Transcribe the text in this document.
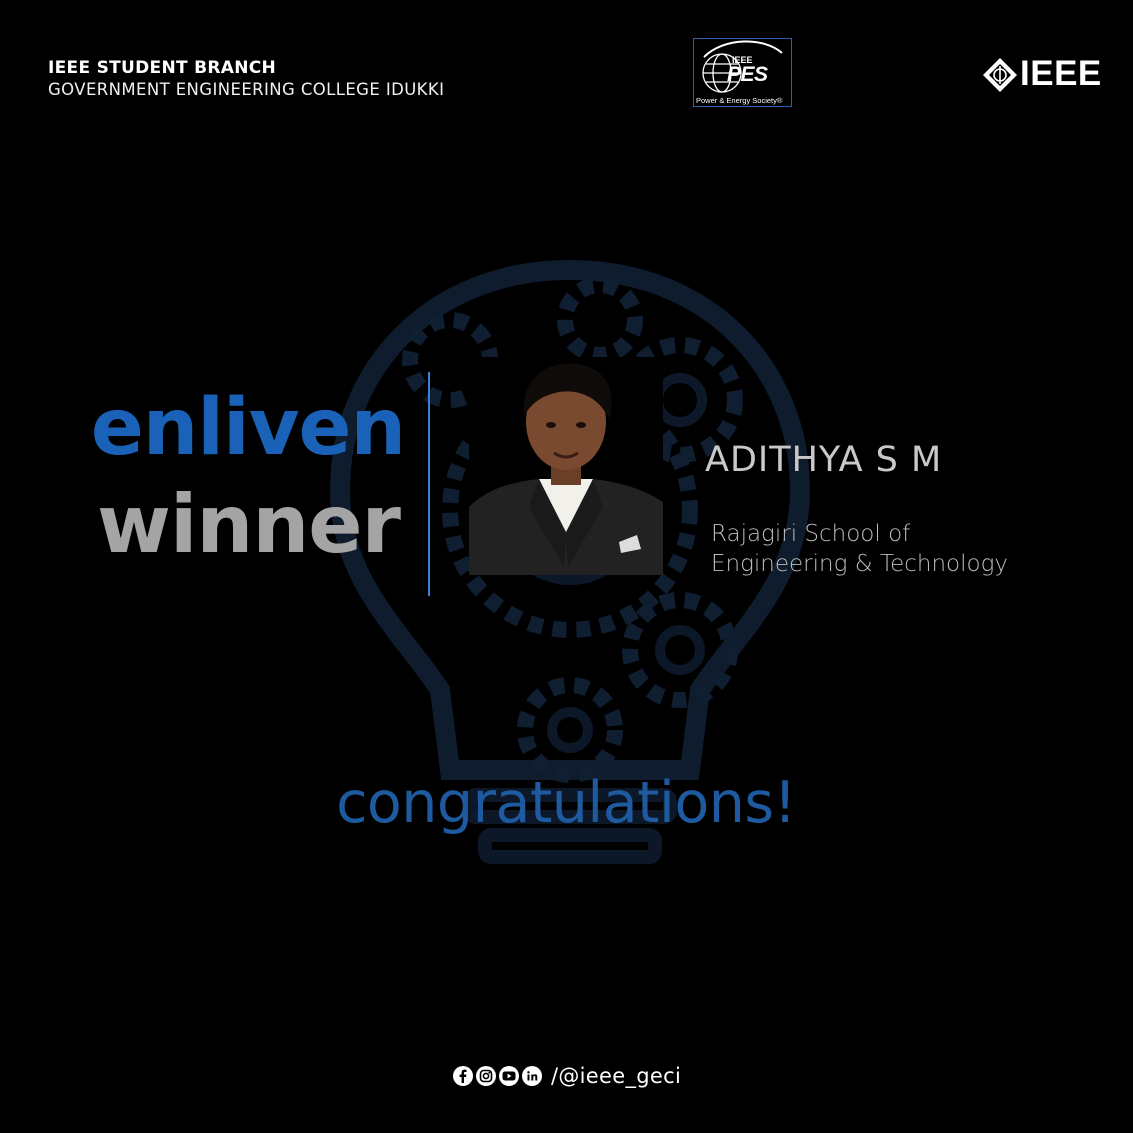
IEEE STUDENT BRANCH
GOVERNMENT ENGINEERING COLLEGE IDUKKI
IEEE
PES
Power & Energy Society®
IEEE
enliven
winner
ADITHYA S M
Rajagiri School of
Engineering & Technology
congratulations!
/@ieee_geci
